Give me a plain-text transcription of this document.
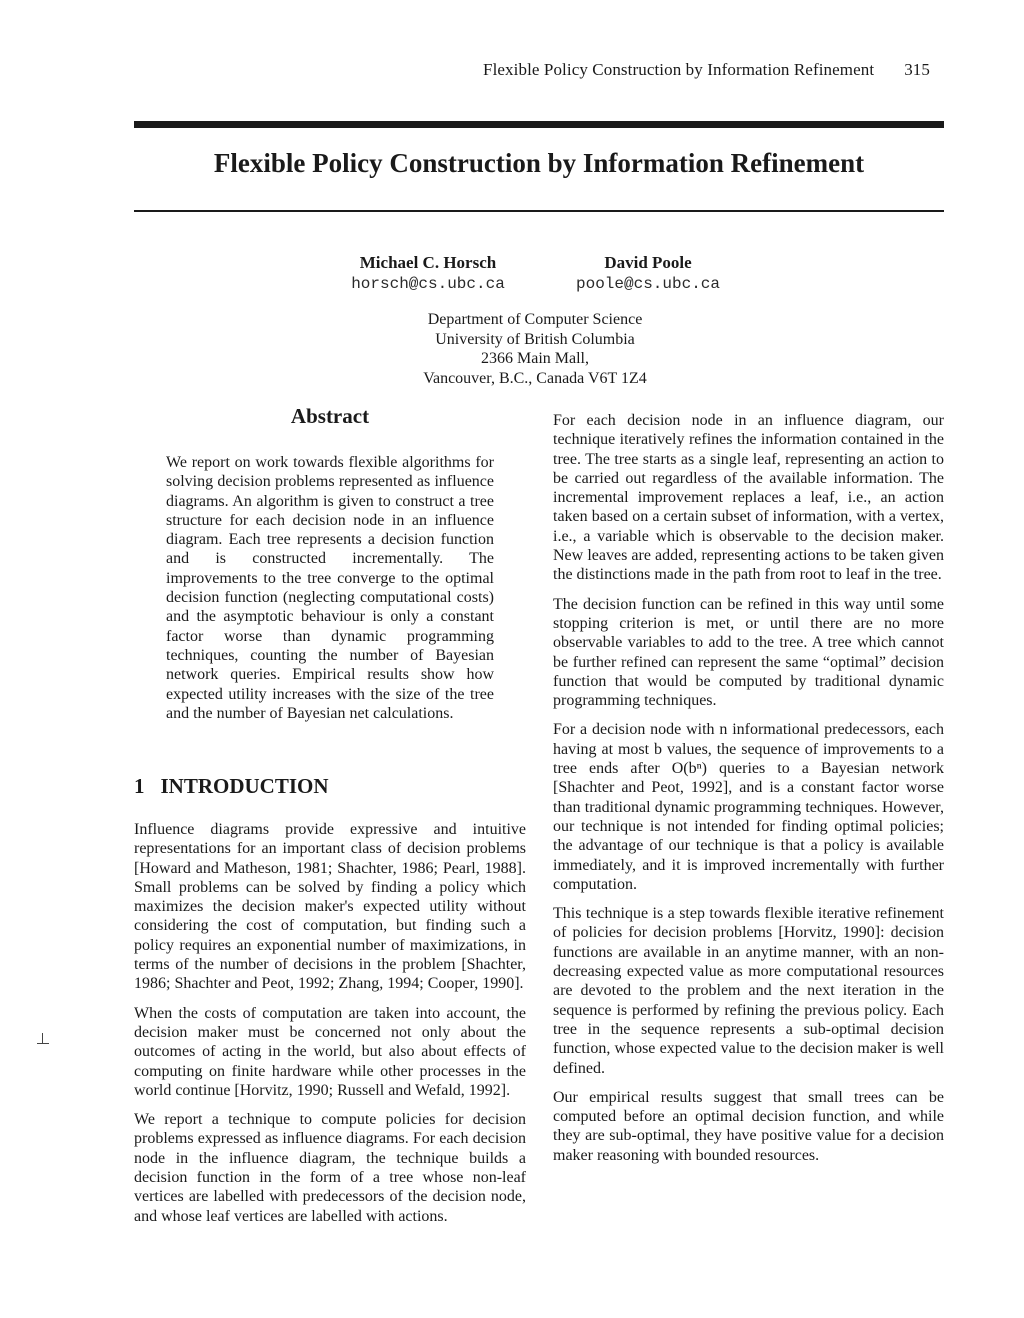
Flexible Policy Construction by Information Refinement 315
Flexible Policy Construction by Information Refinement
Michael C. Horsch
horsch@cs.ubc.ca
David Poole
poole@cs.ubc.ca
Department of Computer Science
University of British Columbia
2366 Main Mall,
Vancouver, B.C., Canada V6T 1Z4
Abstract

We report on work towards flexible algorithms for solving decision problems represented as influence diagrams. An algorithm is given to construct a tree structure for each decision node in an influence diagram. Each tree represents a decision function and is constructed incrementally. The improvements to the tree converge to the optimal decision function (neglecting computational costs) and the asymptotic behaviour is only a constant factor worse than dynamic programming techniques, counting the number of Bayesian network queries. Empirical results show how expected utility increases with the size of the tree and the number of Bayesian net calculations.

1 INTRODUCTION

Influence diagrams provide expressive and intuitive representations for an important class of decision problems [Howard and Matheson, 1981; Shachter, 1986; Pearl, 1988]. Small problems can be solved by finding a policy which maximizes the decision maker's expected utility without considering the cost of computation, but finding such a policy requires an exponential number of maximizations, in terms of the number of decisions in the problem [Shachter, 1986; Shachter and Peot, 1992; Zhang, 1994; Cooper, 1990].

When the costs of computation are taken into account, the decision maker must be concerned not only about the outcomes of acting in the world, but also about effects of computing on finite hardware while other processes in the world continue [Horvitz, 1990; Russell and Wefald, 1992].

We report a technique to compute policies for decision problems expressed as influence diagrams. For each decision node in the influence diagram, the technique builds a decision function in the form of a tree whose non-leaf vertices are labelled with predecessors of the decision node, and whose leaf vertices are labelled with actions.

For each decision node in an influence diagram, our technique iteratively refines the information contained in the tree. The tree starts as a single leaf, representing an action to be carried out regardless of the available information. The incremental improvement replaces a leaf, i.e., an action taken based on a certain subset of information, with a vertex, i.e., a variable which is observable to the decision maker. New leaves are added, representing actions to be taken given the distinctions made in the path from root to leaf in the tree.

The decision function can be refined in this way until some stopping criterion is met, or until there are no more observable variables to add to the tree. A tree which cannot be further refined can represent the same “optimal” decision function that would be computed by traditional dynamic programming techniques.

For a decision node with n informational predecessors, each having at most b values, the sequence of improvements to a tree ends after O(bⁿ) queries to a Bayesian network [Shachter and Peot, 1992], and is a constant factor worse than traditional dynamic programming techniques. However, our technique is not intended for finding optimal policies; the advantage of our technique is that a policy is available immediately, and it is improved incrementally with further computation.

This technique is a step towards flexible iterative refinement of policies for decision problems [Horvitz, 1990]: decision functions are available in an anytime manner, with an non-decreasing expected value as more computational resources are devoted to the problem and the next iteration in the sequence is performed by refining the previous policy. Each tree in the sequence represents a sub-optimal decision function, whose expected value to the decision maker is well defined.

Our empirical results suggest that small trees can be computed before an optimal decision function, and while they are sub-optimal, they have positive value for a decision maker reasoning with bounded resources.
